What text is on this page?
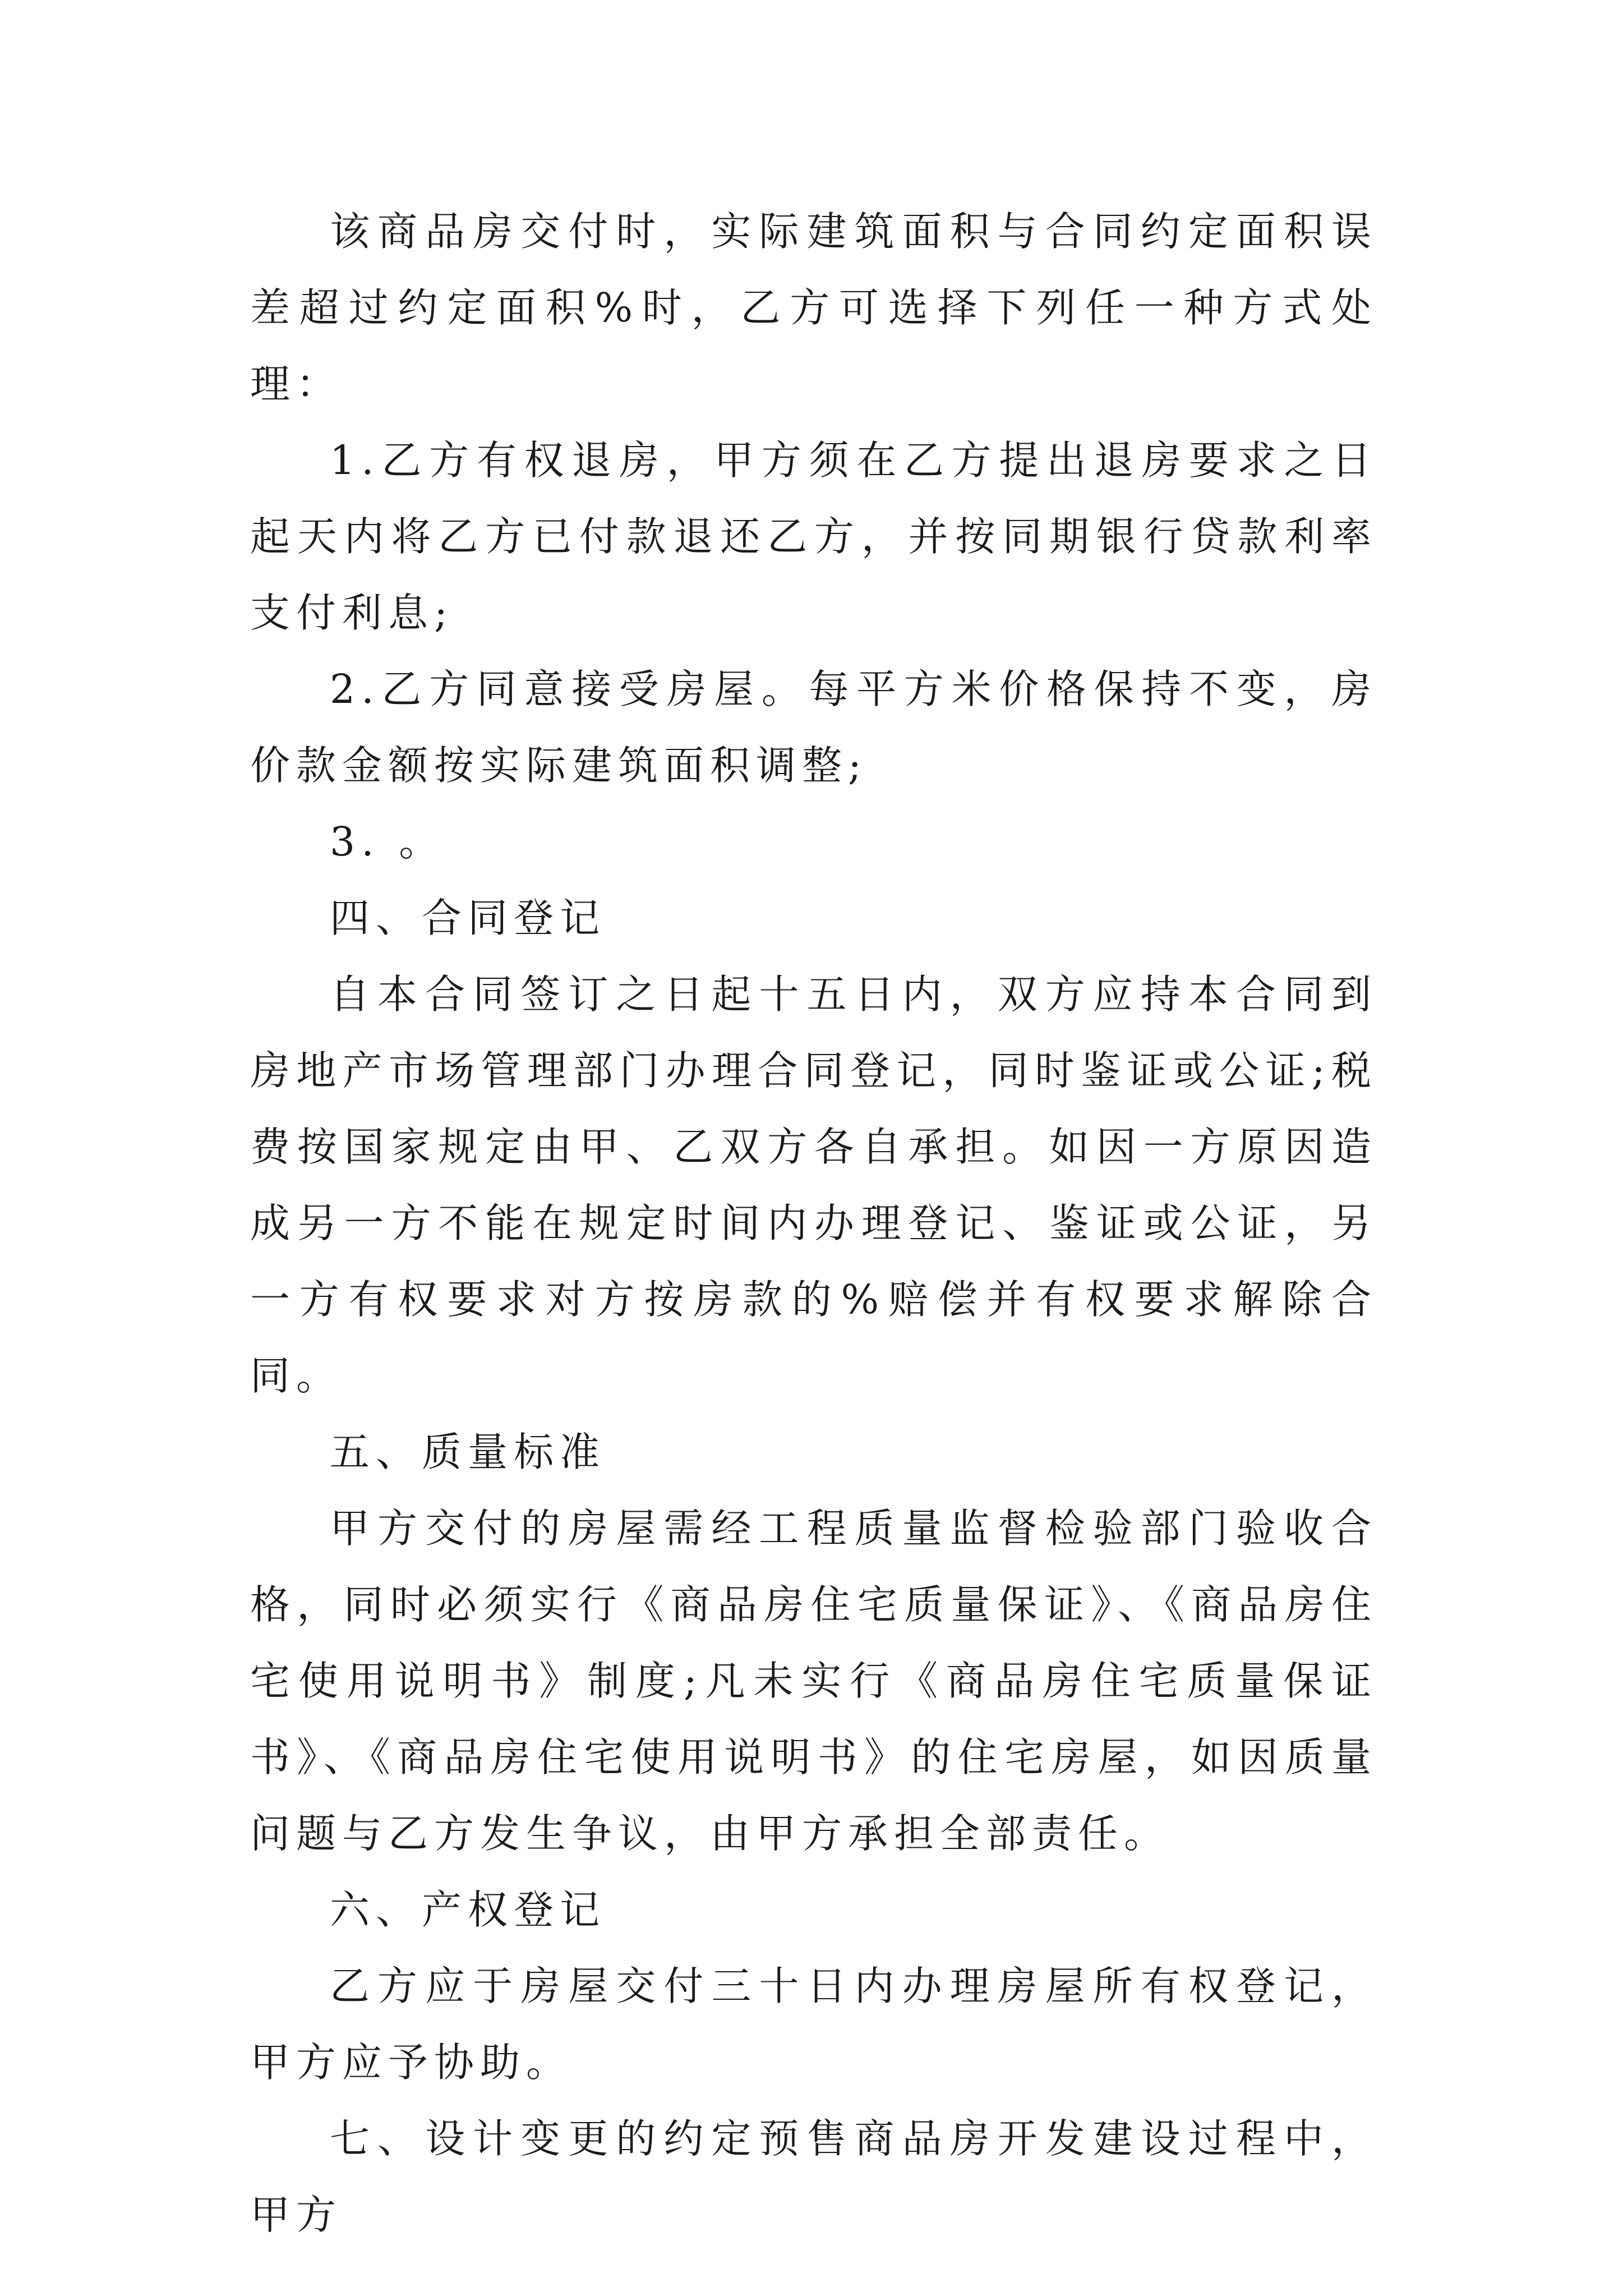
该商品房交付时，实际建筑面积与合同约定面积误差超过约定面积%时，乙方可选择下列任一种方式处理：

1.乙方有权退房，甲方须在乙方提出退房要求之日起天内将乙方已付款退还乙方，并按同期银行贷款利率支付利息;

2.乙方同意接受房屋。每平方米价格保持不变，房价款金额按实际建筑面积调整;

3. 。

四、合同登记

自本合同签订之日起十五日内，双方应持本合同到房地产市场管理部门办理合同登记，同时鉴证或公证;税费按国家规定由甲、乙双方各自承担。如因一方原因造成另一方不能在规定时间内办理登记、鉴证或公证，另一方有权要求对方按房款的%赔偿并有权要求解除合同。

五、质量标准

甲方交付的房屋需经工程质量监督检验部门验收合格，同时必须实行《商品房住宅质量保证》、《商品房住宅使用说明书》制度;凡未实行《商品房住宅质量保证书》、《商品房住宅使用说明书》的住宅房屋，如因质量问题与乙方发生争议，由甲方承担全部责任。

六、产权登记

乙方应于房屋交付三十日内办理房屋所有权登记，甲方应予协助。

七、设计变更的约定预售商品房开发建设过程中，甲方
